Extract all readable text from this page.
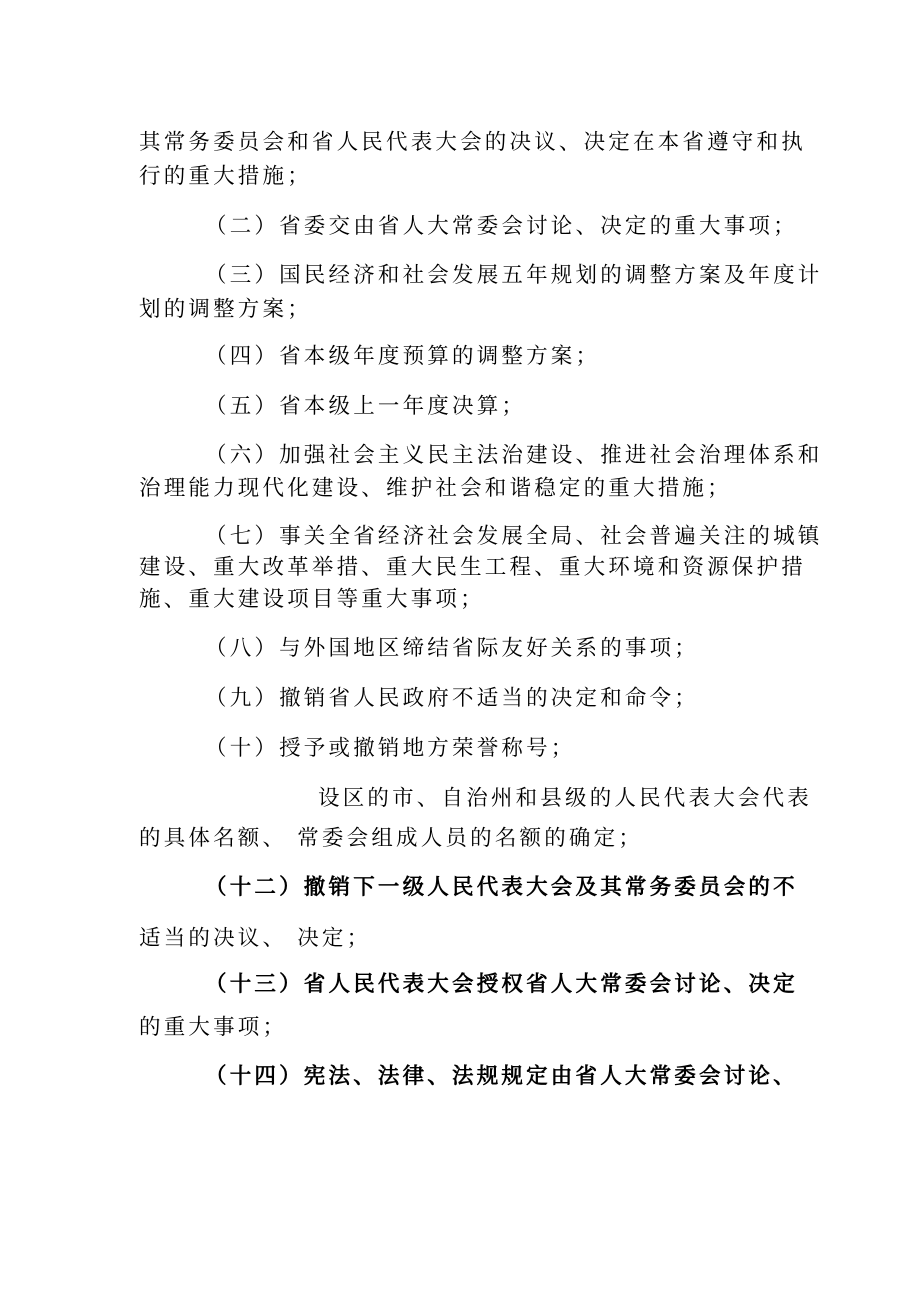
其常务委员会和省人民代表大会的决议、决定在本省遵守和执
行的重大措施；
（二）省委交由省人大常委会讨论、决定的重大事项；
（三）国民经济和社会发展五年规划的调整方案及年度计
划的调整方案；
（四）省本级年度预算的调整方案；
（五）省本级上一年度决算；
（六）加强社会主义民主法治建设、推进社会治理体系和
治理能力现代化建设、维护社会和谐稳定的重大措施；
（七）事关全省经济社会发展全局、社会普遍关注的城镇
建设、重大改革举措、重大民生工程、重大环境和资源保护措
施、重大建设项目等重大事项；
（八）与外国地区缔结省际友好关系的事项；
（九）撤销省人民政府不适当的决定和命令；
（十）授予或撤销地方荣誉称号；
设区的市、自治州和县级的人民代表大会代表
的具体名额、 常委会组成人员的名额的确定；
（十二）撤销下一级人民代表大会及其常务委员会的不
适当的决议、 决定；
（十三）省人民代表大会授权省人大常委会讨论、决定
的重大事项；
（十四）宪法、法律、法规规定由省人大常委会讨论、
